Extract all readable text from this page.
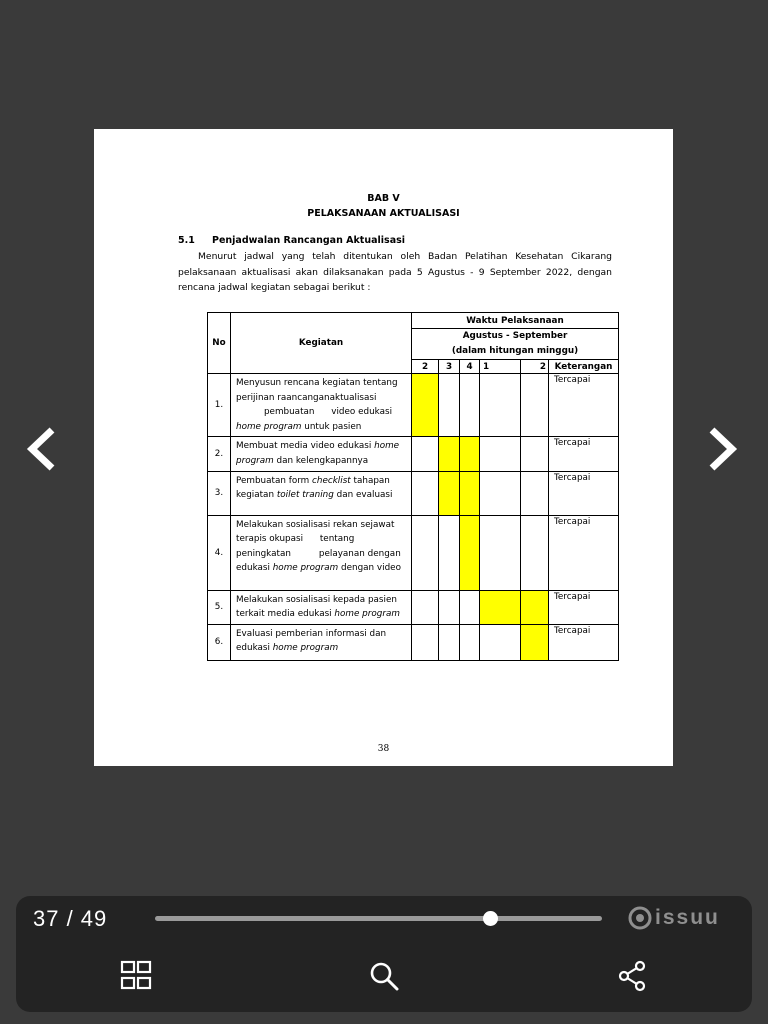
BAB V
PELAKSANAAN AKTUALISASI
5.1 Penjadwalan Rancangan Aktualisasi
Menurut jadwal yang telah ditentukan oleh Badan Pelatihan Kesehatan Cikarang pelaksanaan aktualisasi akan dilaksanakan pada 5 Agustus - 9 September 2022, dengan rencana jadwal kegiatan sebagai berikut :
No	Kegiatan	Waktu Pelaksanaan					

		Agustus - September
(dalam hitungan minggu)					

		2	3	4	1	2	Keterangan
1.	Menyusun rencana kegiatan tentang perijinan raancanganaktualisasi
pembuatan      video edukasi home program untuk pasien						Tercapai
2.	Membuat media video edukasi home program dan kelengkapannya						Tercapai
3.	Pembuatan form checklist tahapan kegiatan toilet traning dan evaluasi						Tercapai
4.	Melakukan sosialisasi rekan sejawat terapis okupasi      tentang peningkatan          pelayanan dengan edukasi home program dengan video						Tercapai
5.	Melakukan sosialisasi kepada pasien terkait media edukasi home program						Tercapai
6.	Evaluasi pemberian informasi dan edukasi home program						Tercapai
38
37 / 49	issuu
